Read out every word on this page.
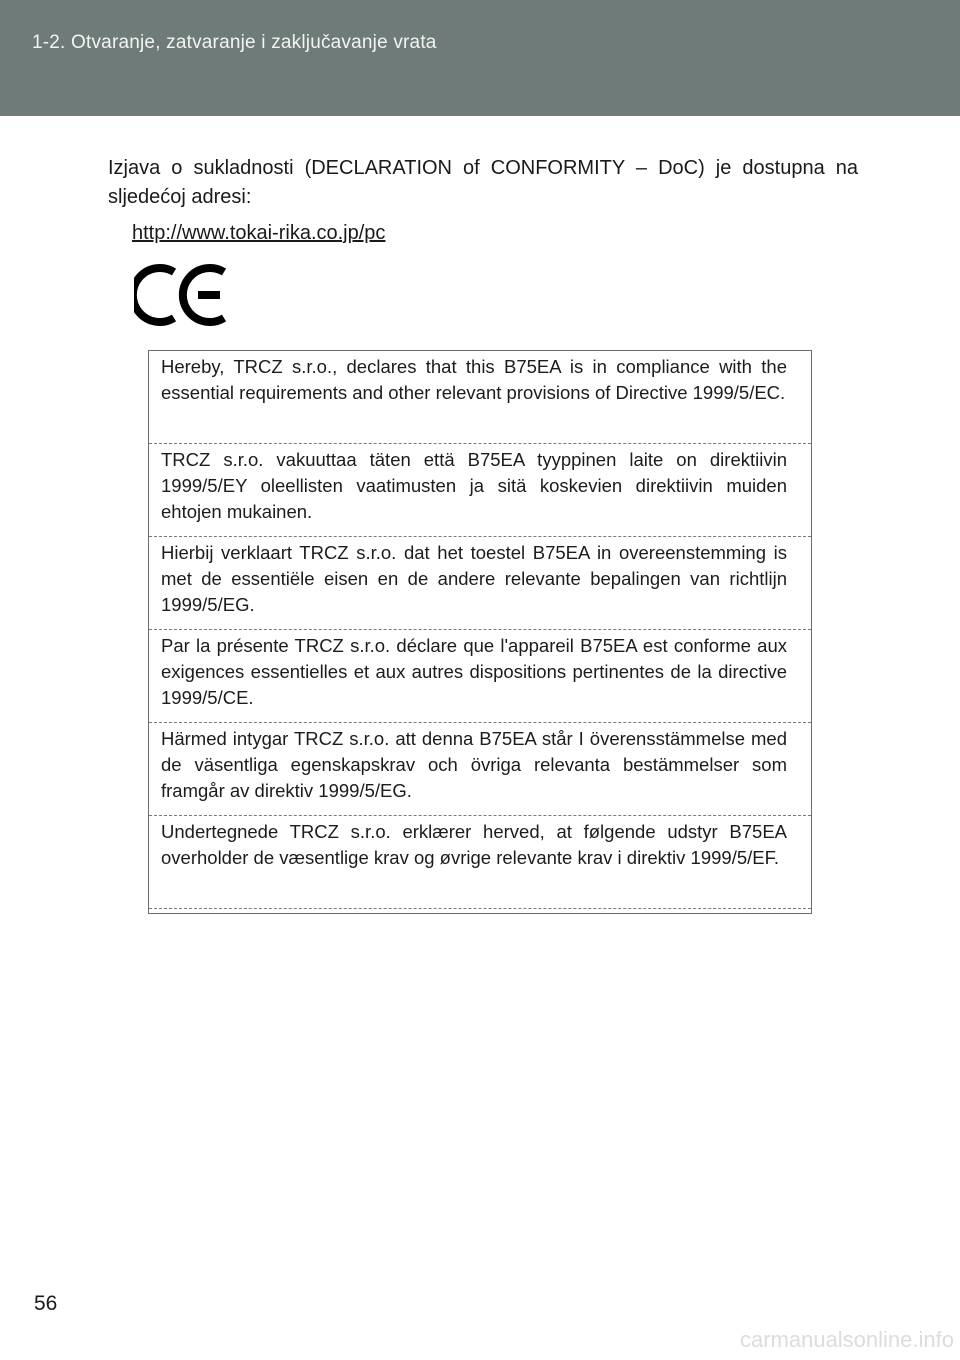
1-2. Otvaranje, zatvaranje i zaključavanje vrata
Izjava o sukladnosti (DECLARATION of CONFORMITY – DoC) je dostupna na sljedećoj adresi:
http://www.tokai-rika.co.jp/pc
Hereby, TRCZ s.r.o., declares that this B75EA is in compliance with the essential requirements and other relevant provisions of Directive 1999/5/EC.
TRCZ s.r.o. vakuuttaa täten että B75EA tyyppinen laite on direktiivin 1999/5/EY oleellisten vaatimusten ja sitä koskevien direktiivin muiden ehtojen mukainen.
Hierbij verklaart TRCZ s.r.o. dat het toestel B75EA in overeenstemming is met de essentiële eisen en de andere relevante bepalingen van richtlijn 1999/5/EG.
Par la présente TRCZ s.r.o. déclare que l'appareil B75EA est conforme aux exigences essentielles et aux autres dispositions pertinentes de la directive 1999/5/CE.
Härmed intygar TRCZ s.r.o. att denna B75EA står I överensstämmelse med de väsentliga egenskapskrav och övriga relevanta bestämmelser som framgår av direktiv 1999/5/EG.
Undertegnede TRCZ s.r.o. erklærer herved, at følgende udstyr B75EA overholder de væsentlige krav og øvrige relevante krav i direktiv 1999/5/EF.
56
carmanualsonline.info
